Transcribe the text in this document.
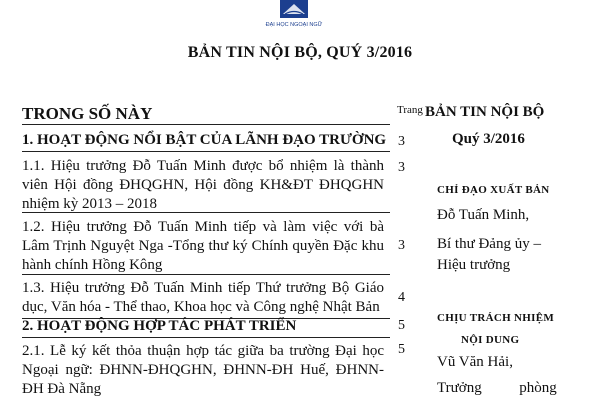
ĐẠI HỌC NGOẠI NGỮ
BẢN TIN NỘI BỘ, QUÝ 3/2016
TRONG SỐ NÀY	Trang
1. HOẠT ĐỘNG NỔI BẬT CỦA LÃNH ĐẠO TRƯỜNG 3
1.1. Hiệu trưởng Đỗ Tuấn Minh được bổ nhiệm là thành viên Hội đồng ĐHQGHN, Hội đồng KH&ĐT ĐHQGHN nhiệm kỳ 2013 – 2018
3
1.2. Hiệu trưởng Đỗ Tuấn Minh tiếp và làm việc với bà Lâm Trịnh Nguyệt Nga -Tổng thư ký Chính quyền Đặc khu hành chính Hồng Kông
3
1.3. Hiệu trưởng Đỗ Tuấn Minh tiếp Thứ trưởng Bộ Giáo dục, Văn hóa - Thể thao, Khoa học và Công nghệ Nhật Bản
4
2. HOẠT ĐỘNG HỢP TÁC PHÁT TRIỂN	5
2.1. Lễ ký kết thỏa thuận hợp tác giữa ba trường Đại học Ngoại ngữ: ĐHNN-ĐHQGHN, ĐHNN-ĐH Huế, ĐHNN-ĐH Đà Nẵng
5
BẢN TIN NỘI BỘ
Quý 3/2016
CHỈ ĐẠO XUẤT BẢN
Đỗ Tuấn Minh,
Bí thư Đảng ủy –
Hiệu trưởng
CHỊU TRÁCH NHIỆM
NỘI DUNG
Vũ Văn Hải,
Trưởng          phòng
